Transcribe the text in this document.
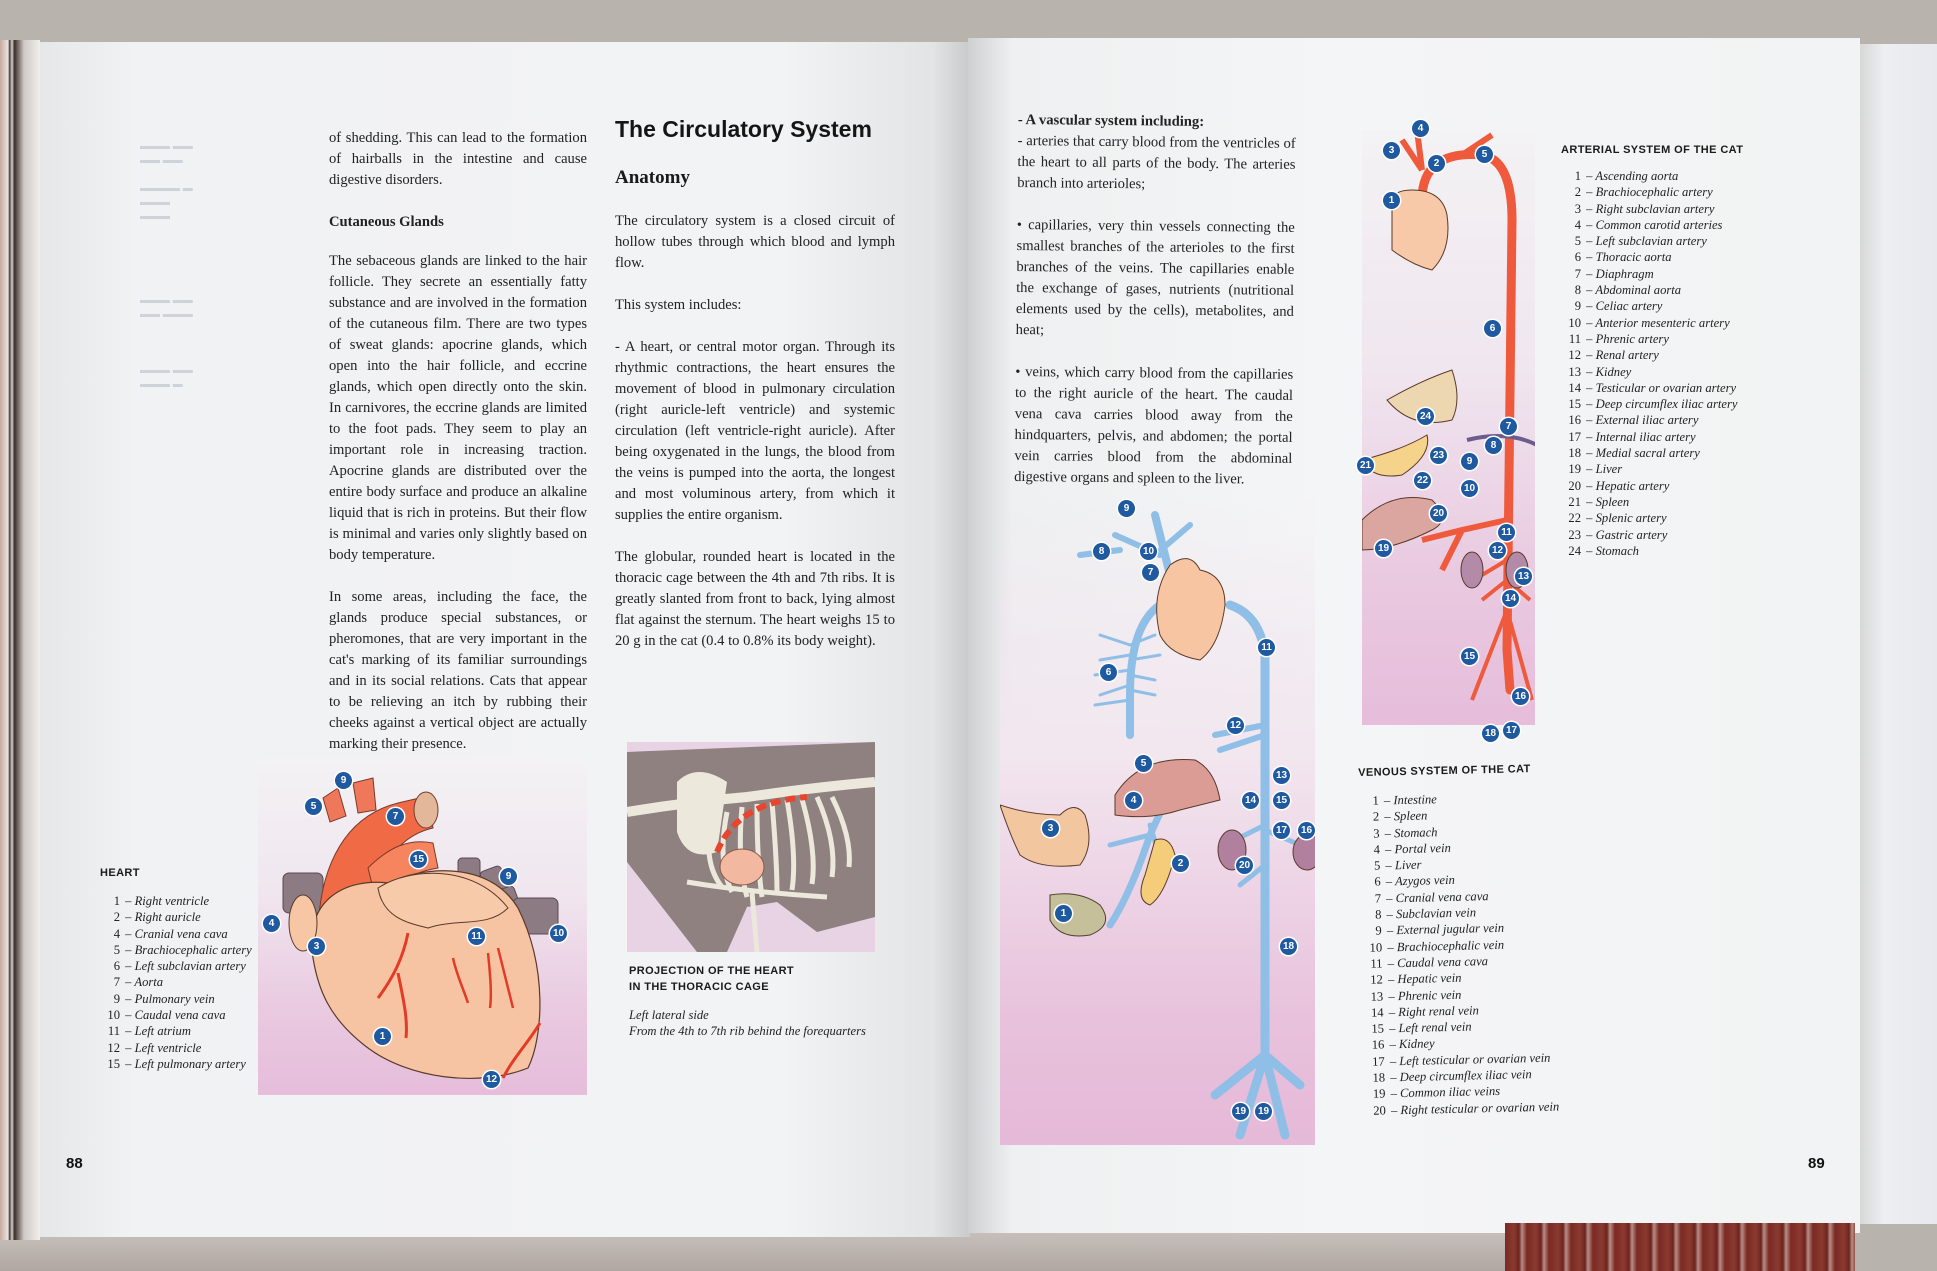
▬▬▬ ▬▬
▬▬ ▬▬

▬▬▬▬ ▬
▬▬▬
▬▬▬

▬▬▬ ▬▬
▬▬ ▬▬▬

▬▬▬ ▬▬
▬▬▬ ▬

of shedding. This can lead to the formation of hairballs in the intestine and cause digestive disorders.

Cutaneous Glands

The sebaceous glands are linked to the hair follicle. They secrete an essentially fatty substance and are involved in the formation of the cutaneous film. There are two types of sweat glands: apocrine glands, which open into the hair follicle, and eccrine glands, which open directly onto the skin. In carnivores, the eccrine glands are limited to the foot pads. They seem to play an important role in increasing traction. Apocrine glands are distributed over the entire body surface and produce an alkaline liquid that is rich in proteins. But their flow is minimal and varies only slightly based on body temperature.

In some areas, including the face, the glands produce special substances, or pheromones, that are very important in the cat's marking of its familiar surroundings and in its social relations. Cats that appear to be relieving an itch by rubbing their cheeks against a vertical object are actually marking their presence.

The Circulatory System
Anatomy

The circulatory system is a closed circuit of hollow tubes through which blood and lymph flow.

This system includes:

- A heart, or central motor organ. Through its rhythmic contractions, the heart ensures the movement of blood in pulmonary circulation (right auricle-left ventricle) and systemic circulation (left ventricle-right auricle). After being oxygenated in the lungs, the blood from the veins is pumped into the aorta, the longest and most voluminous artery, from which it supplies the entire organism.

The globular, rounded heart is located in the thoracic cage between the 4th and 7th ribs. It is greatly slanted from front to back, lying almost flat against the sternum. The heart weighs 15 to 20 g in the cat (0.4 to 0.8% its body weight).

HEART
1 – Right ventricle
2 – Right auricle
4 – Cranial vena cava
5 – Brachiocephalic artery
6 – Left subclavian artery
7 – Aorta
9 – Pulmonary vein
10 – Caudal vena cava
11 – Left atrium
12 – Left ventricle
15 – Left pulmonary artery
9
5
7
15
9
4
3
11	10
1
12
PROJECTION OF THE HEART
IN THE THORACIC CAGE
Left lateral side
From the 4th to 7th rib behind the forequarters
88
- A vascular system including:

- arteries that carry blood from the ventricles of the heart to all parts of the body. The arteries branch into arterioles;

• capillaries, very thin vessels connecting the smallest branches of the arterioles to the first branches of the veins. The capillaries enable the exchange of gases, nutrients (nutritional elements used by the cells), metabolites, and heat;

• veins, which carry blood from the capillaries to the right auricle of the heart. The caudal vena cava carries blood away from the hindquarters, pelvis, and abdomen; the portal vein carries blood from the abdominal digestive organs and spleen to the liver.

4
3
2
5
1
6
24
7
8
23
9
21
22
10
20
19
11
12
13
14
15
16
18 17
ARTERIAL SYSTEM OF THE CAT
1 – Ascending aorta
2 – Brachiocephalic artery
3 – Right subclavian artery
4 – Common carotid arteries
5 – Left subclavian artery
6 – Thoracic aorta
7 – Diaphragm
8 – Abdominal aorta
9 – Celiac artery
10 – Anterior mesenteric artery
11 – Phrenic artery
12 – Renal artery
13 – Kidney
14 – Testicular or ovarian artery
15 – Deep circumflex iliac artery
16 – External iliac artery
17 – Internal iliac artery
18 – Medial sacral artery
19 – Liver
20 – Hepatic artery
21 – Spleen
22 – Splenic artery
23 – Gastric artery
24 – Stomach
9
8	10
7
11
6
12
5
13
4	14 15
3	17 16
2	20
1
18
19 19
VENOUS SYSTEM OF THE CAT
1 – Intestine
2 – Spleen
3 – Stomach
4 – Portal vein
5 – Liver
6 – Azygos vein
7 – Cranial vena cava
8 – Subclavian vein
9 – External jugular vein
10 – Brachiocephalic vein
11 – Caudal vena cava
12 – Hepatic vein
13 – Phrenic vein
14 – Right renal vein
15 – Left renal vein
16 – Kidney
17 – Left testicular or ovarian vein
18 – Deep circumflex iliac vein
19 – Common iliac veins
20 – Right testicular or ovarian vein
89
